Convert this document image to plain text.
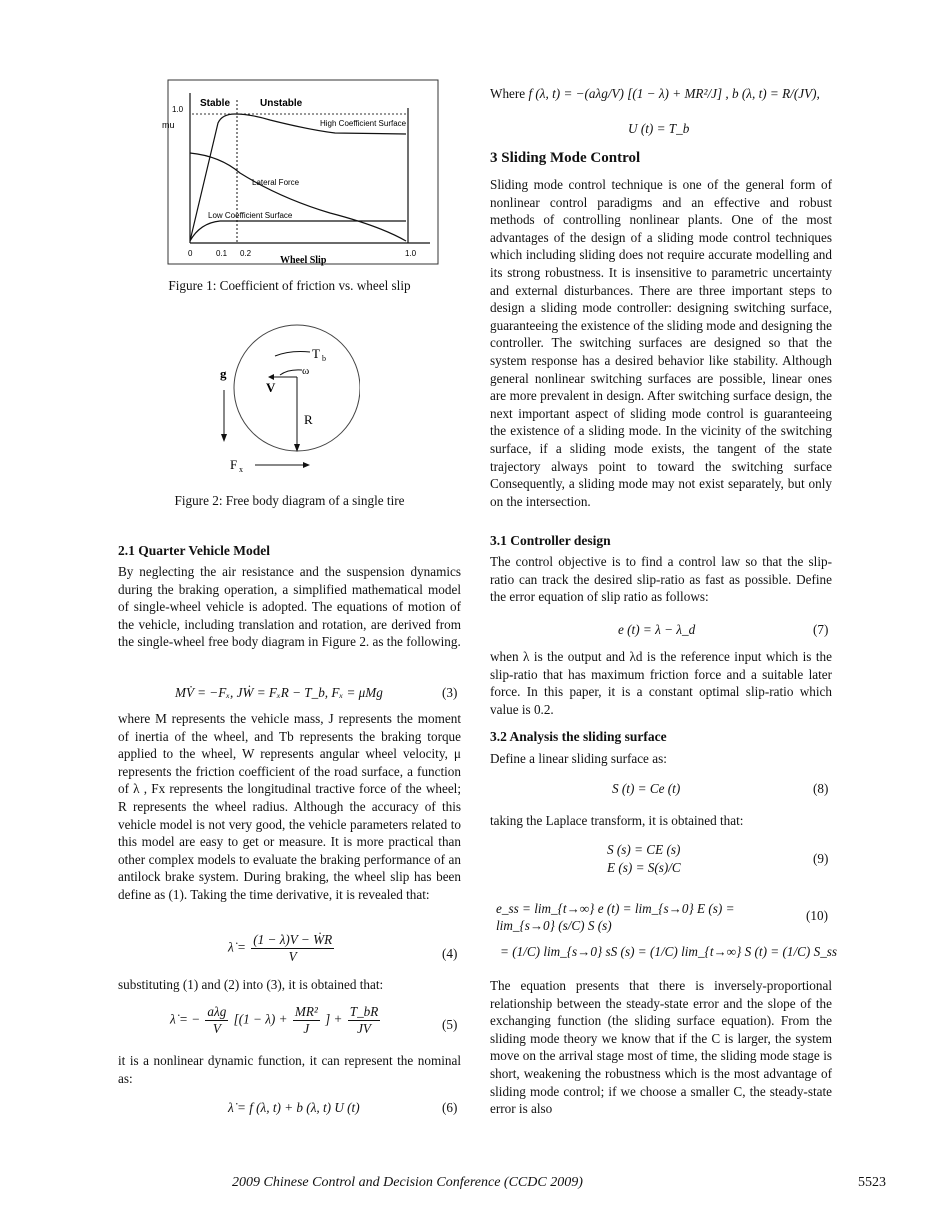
Stable	Unstable
1.0
mu	High Coefficient Surface
Lateral Force
Low Coefficient Surface
0	0.1 0.2	1.0
Wheel Slip
Figure 1: Coefficient of friction vs. wheel slip
g
T b
ω
V
R
F x
Figure 2: Free body diagram of a single tire
2.1 Quarter Vehicle Model
By neglecting the air resistance and the suspension dynamics during the braking operation, a simplified mathematical model of single-wheel vehicle is adopted. The equations of motion of the vehicle, including translation and rotation, are derived from the single-wheel free body diagram in Figure 2. as the following.
MV̇ = −Fₓ, JẆ = FₓR − T_b, Fₓ = μMg	(3)
where M represents the vehicle mass, J represents the moment of inertia of the wheel, and Tb represents the braking torque applied to the wheel, W represents angular wheel velocity, μ represents the friction coefficient of the road surface, a function of λ , Fx represents the longitudinal tractive force of the wheel; R represents the wheel radius. Although the accuracy of this vehicle model is not very good, the vehicle parameters related to this model are easy to get or measure. It is more practical than other complex models to evaluate the braking performance of an antilock brake system. During braking, the wheel slip has been define as (1). Taking the time derivative, it is revealed that:
λ̇ = $\frac{\text{(1 − λ)V − ẆR}}{V}$	(4)
substituting (1) and (2) into (3), it is obtained that:
λ̇ = − $\frac{\text{aλg}}{V} [(1 - \lambda) + \frac{\text{MR²}}{J}$ ] + $\frac{T\_bR}{JV}$	(5)
it is a nonlinear dynamic function, it can represent the nominal as:
λ̇ = f (λ, t) + b (λ, t) U (t)	(6)
Where f (λ, t) = −(aλg/V) [(1 − λ) + MR²/J] , b (λ, t) = R/(JV),
U (t) = T_b
3 Sliding Mode Control
Sliding mode control technique is one of the general form of nonlinear control paradigms and an effective and robust methods of controlling nonlinear plants. One of the most advantages of the design of a sliding mode control techniques which including sliding does not require accurate modelling and its strong robustness. It is insensitive to parametric uncertainty and external disturbances. There are three important steps to design a sliding mode controller: designing switching surface, guaranteeing the existence of the sliding mode and designing the controller. The switching surfaces are designed so that the system response has a desired behavior like stability. Although general nonlinear switching surfaces are possible, linear ones are more prevalent in design. After switching surface design, the next important aspect of sliding mode control is guaranteeing the existence of a sliding mode. In the vicinity of the switching surface, if a sliding mode exists, the tangent of the state trajectory always point to toward the switching surface Consequently, a sliding mode may not exist separately, but only on the intersection.
3.1 Controller design
The control objective is to find a control law so that the slip-ratio can track the desired slip-ratio as fast as possible. Define the error equation of slip ratio as follows:
e (t) = λ − λ_d	(7)
when λ is the output and λd is the reference input which is the slip-ratio that has maximum friction force and a suitable later force. In this paper, it is a constant optimal slip-ratio which value is 0.2.
3.2 Analysis the sliding surface
Define a linear sliding surface as:
S (t) = Ce (t)	(8)
taking the Laplace transform, it is obtained that:
S (s) = CE (s)
E (s) = S(s)/C
(9)
e_ss = lim_{t→∞} e (t) = lim_{s→0} E (s) = lim_{s→0} (s/C) S (s)
= (1/C) lim_{s→0} sS (s) = (1/C) lim_{t→∞} S (t) = (1/C) S_ss
(10)
The equation presents that there is inversely-proportional relationship between the steady-state error and the slope of the exchanging function (the sliding surface equation). From the sliding mode theory we know that if the C is larger, the system move on the arrival stage most of time, the sliding mode stage is short, weakening the robustness which is the most advantage of sliding mode control; if we choose a smaller C, the steady-state error is also
2009 Chinese Control and Decision Conference (CCDC 2009)	5523
